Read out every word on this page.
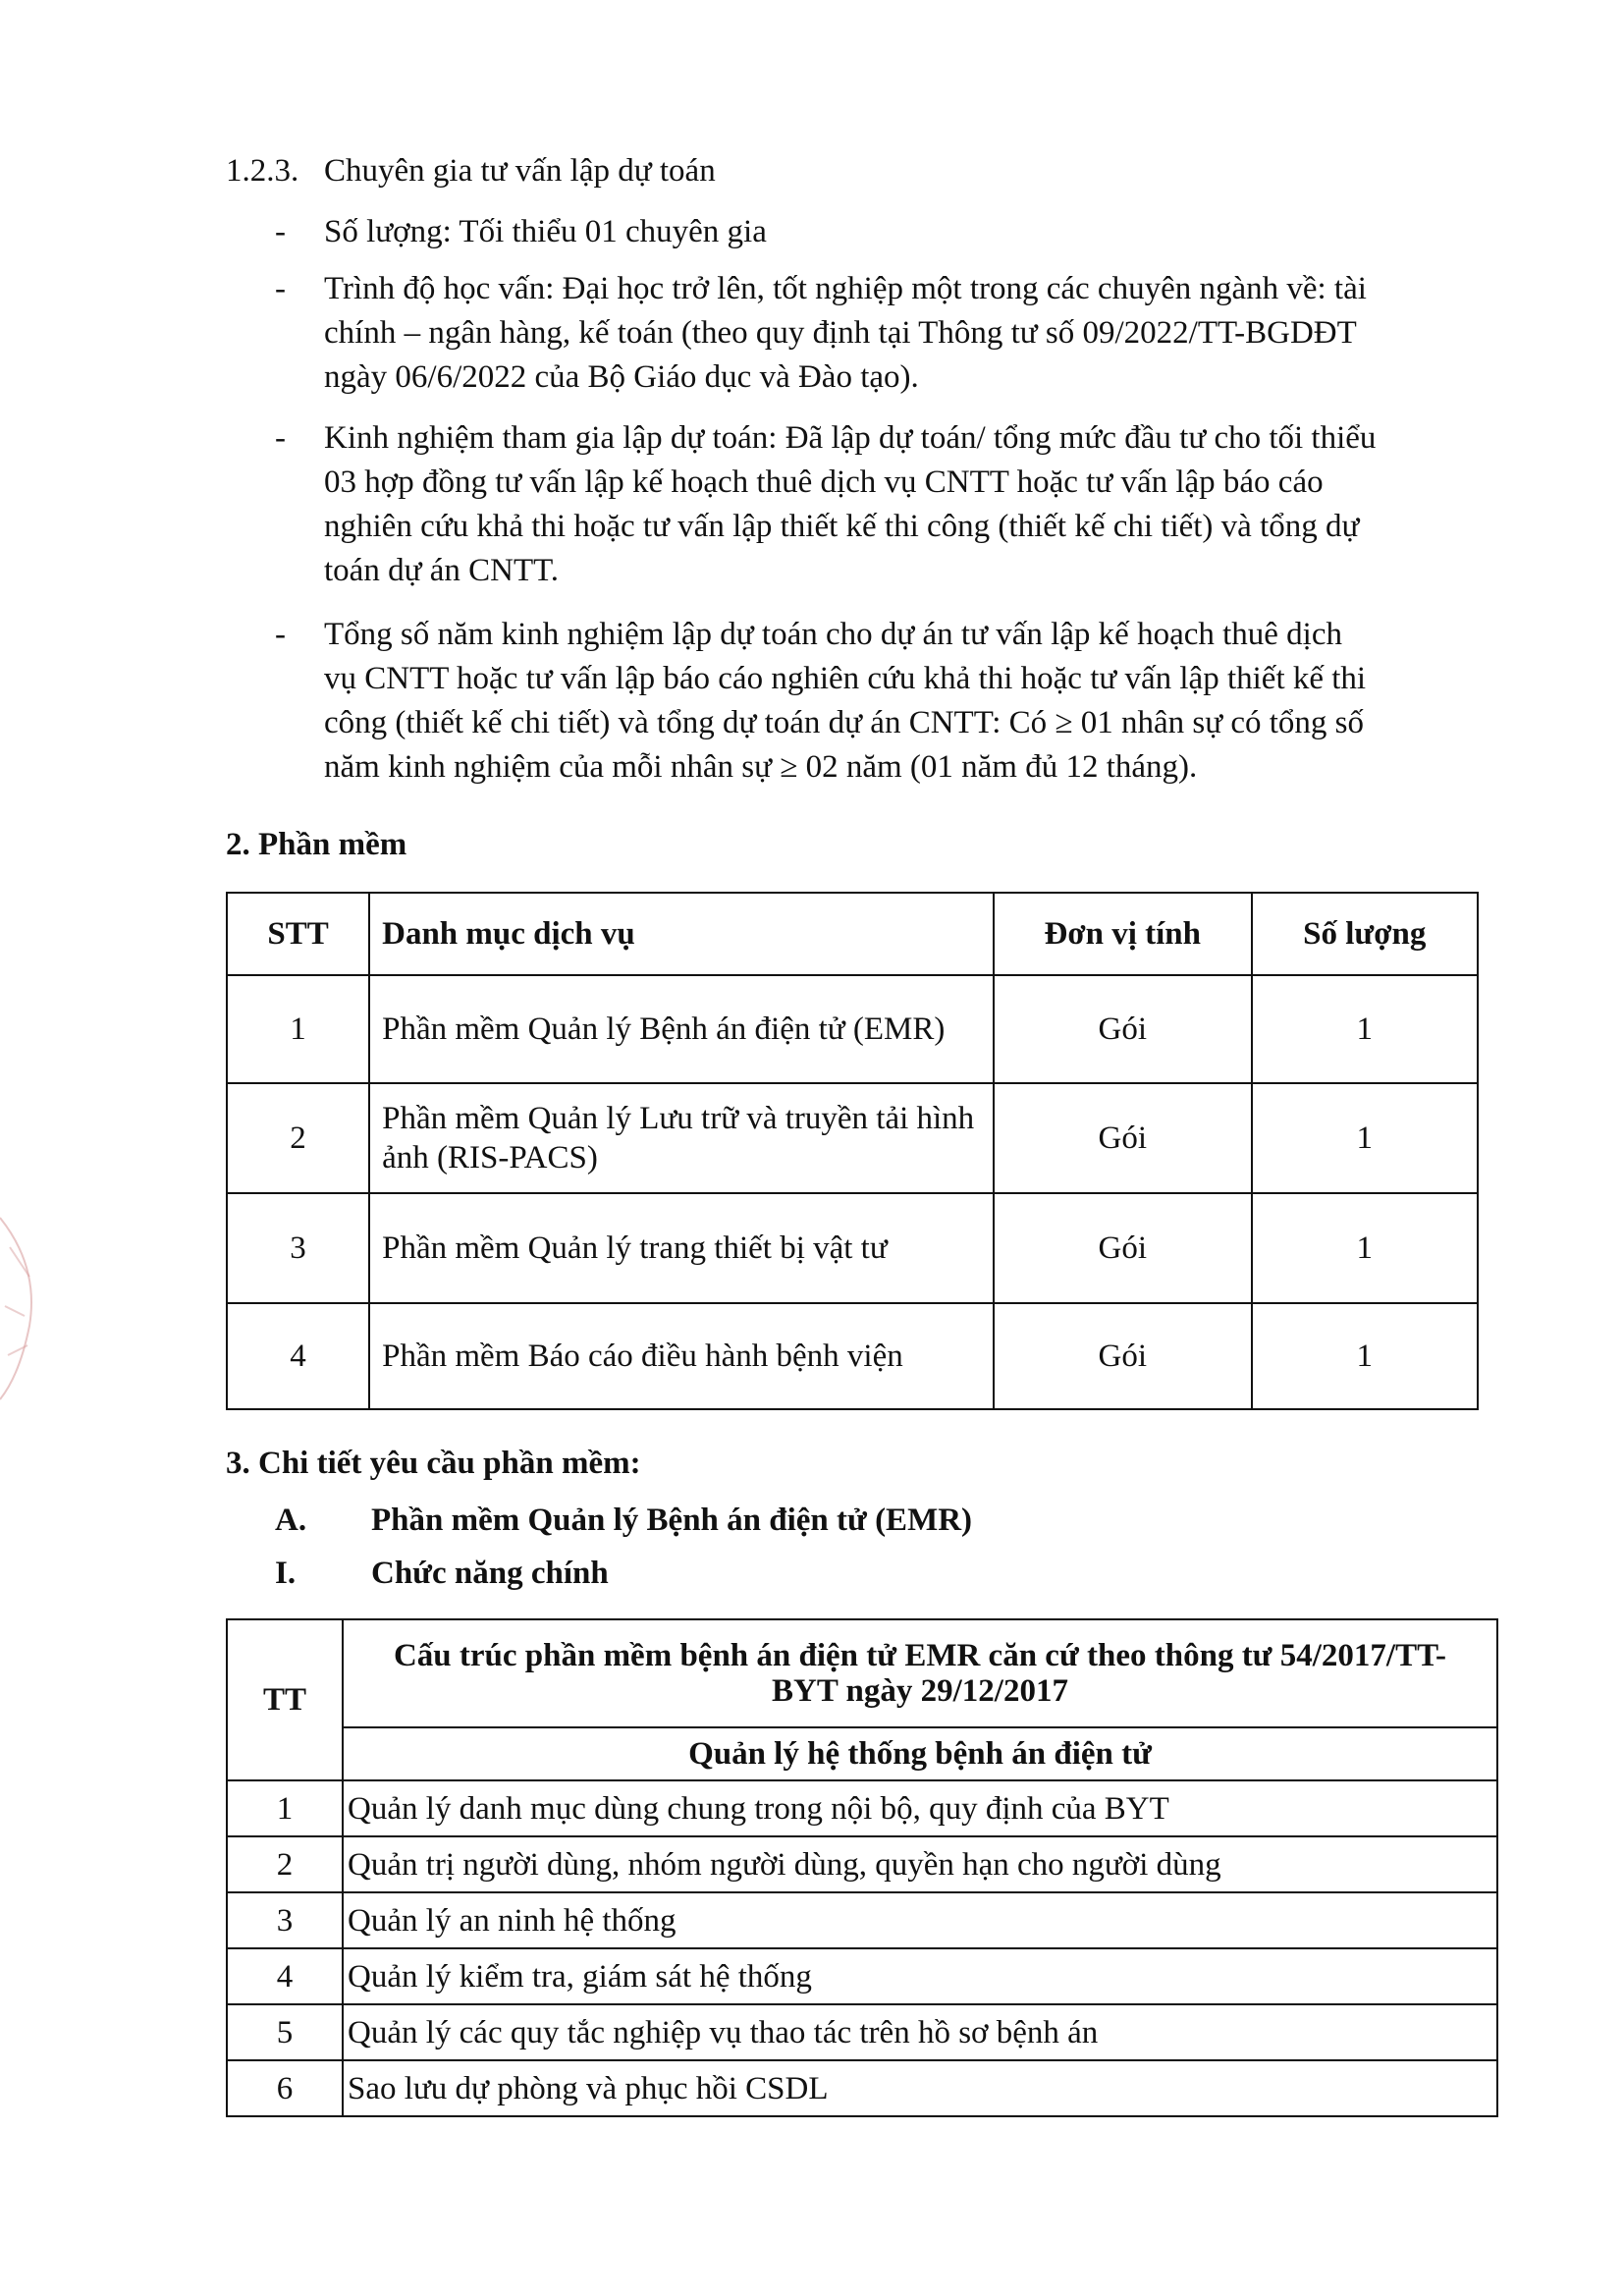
1.2.3. Chuyên gia tư vấn lập dự toán
- Số lượng: Tối thiểu 01 chuyên gia
- Trình độ học vấn: Đại học trở lên, tốt nghiệp một trong các chuyên ngành về: tài
chính – ngân hàng, kế toán (theo quy định tại Thông tư số 09/2022/TT-BGDĐT
ngày 06/6/2022 của Bộ Giáo dục và Đào tạo).
- Kinh nghiệm tham gia lập dự toán: Đã lập dự toán/ tổng mức đầu tư cho tối thiểu
03 hợp đồng tư vấn lập kế hoạch thuê dịch vụ CNTT hoặc tư vấn lập báo cáo
nghiên cứu khả thi hoặc tư vấn lập thiết kế thi công (thiết kế chi tiết) và tổng dự
toán dự án CNTT.
- Tổng số năm kinh nghiệm lập dự toán cho dự án tư vấn lập kế hoạch thuê dịch
vụ CNTT hoặc tư vấn lập báo cáo nghiên cứu khả thi hoặc tư vấn lập thiết kế thi
công (thiết kế chi tiết) và tổng dự toán dự án CNTT: Có ≥ 01 nhân sự có tổng số
năm kinh nghiệm của mỗi nhân sự ≥ 02 năm (01 năm đủ 12 tháng).
2. Phần mềm
STT	Danh mục dịch vụ	Đơn vị tính	Số lượng
1	Phần mềm Quản lý Bệnh án điện tử (EMR)	Gói	1
2	Phần mềm Quản lý Lưu trữ và truyền tải hình ảnh (RIS-PACS)	Gói	1
3	Phần mềm Quản lý trang thiết bị vật tư	Gói	1
4	Phần mềm Báo cáo điều hành bệnh viện	Gói	1
3. Chi tiết yêu cầu phần mềm:
A. Phần mềm Quản lý Bệnh án điện tử (EMR)
I. Chức năng chính
TT	Cấu trúc phần mềm bệnh án điện tử EMR căn cứ theo thông tư 54/2017/TT-BYT ngày 29/12/2017
	Quản lý hệ thống bệnh án điện tử
1	Quản lý danh mục dùng chung trong nội bộ, quy định của BYT
2	Quản trị người dùng, nhóm người dùng, quyền hạn cho người dùng
3	Quản lý an ninh hệ thống
4	Quản lý kiểm tra, giám sát hệ thống
5	Quản lý các quy tắc nghiệp vụ thao tác trên hồ sơ bệnh án
6	Sao lưu dự phòng và phục hồi CSDL
